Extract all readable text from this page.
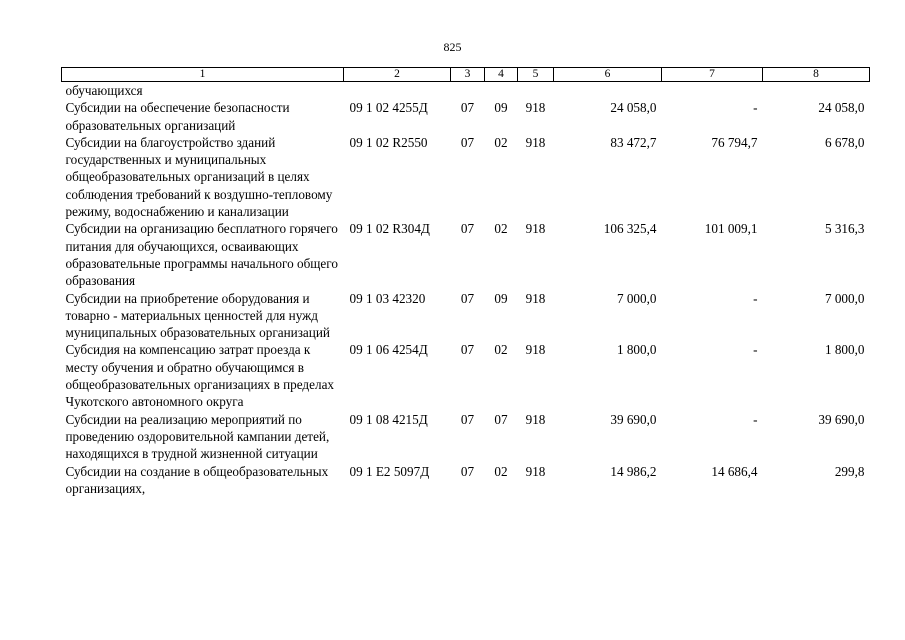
825
1	2	3	4	5	6	7	8
обучающихся							
Субсидии на обеспечение безопасности образовательных организаций	09 1 02 4255Д	07	09	918	24 058,0	-	24 058,0
Субсидии на благоустройство зданий государственных и муниципальных общеобразовательных организаций в целях соблюдения требований к воздушно-тепловому режиму, водоснабжению и канализации	09 1 02 R2550	07	02	918	83 472,7	76 794,7	6 678,0
Субсидии на организацию бесплатного горячего питания для обучающихся, осваивающих образовательные программы начального общего образования	09 1 02 R304Д	07	02	918	106 325,4	101 009,1	5 316,3
Субсидии на приобретение оборудования и товарно - материальных ценностей для нужд муниципальных образовательных организаций	09 1 03 42320	07	09	918	7 000,0	-	7 000,0
Субсидия на компенсацию затрат проезда к месту обучения и обратно обучающимся в общеобразовательных организациях в пределах Чукотского автономного округа	09 1 06 4254Д	07	02	918	1 800,0	-	1 800,0
Субсидии на реализацию мероприятий по проведению оздоровительной кампании детей, находящихся в трудной жизненной ситуации	09 1 08 4215Д	07	07	918	39 690,0	-	39 690,0
Субсидии на создание в общеобразовательных организациях,	09 1 E2 5097Д	07	02	918	14 986,2	14 686,4	299,8
